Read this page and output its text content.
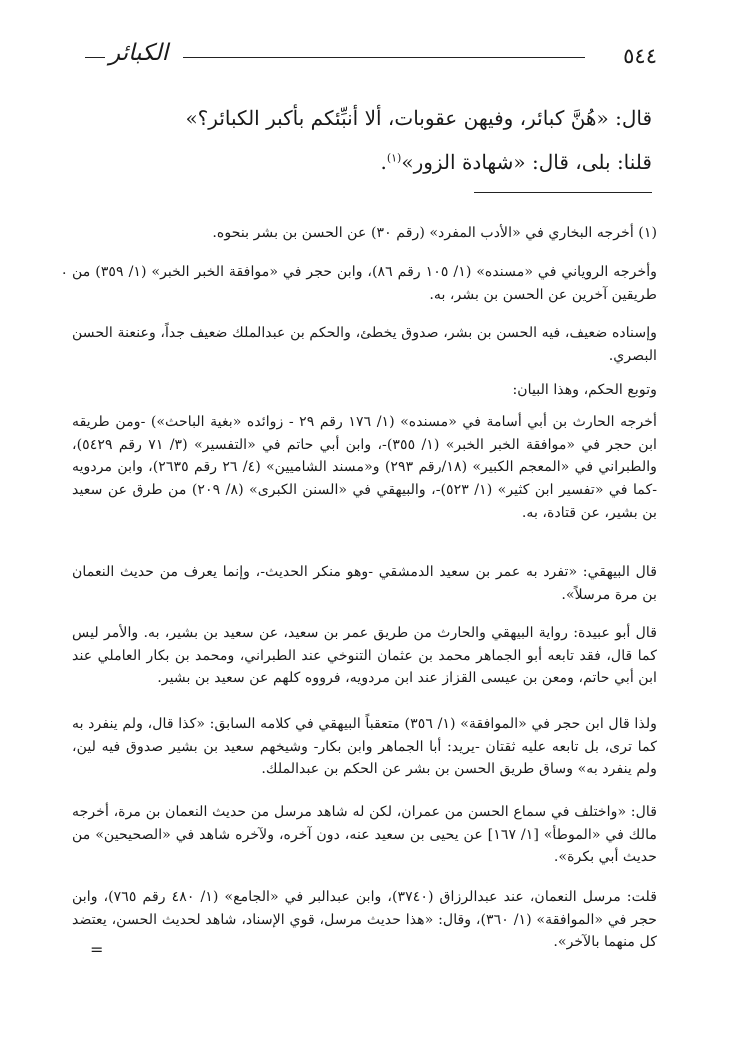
٥٤٤
الكبائر
قال: «هُنَّ كبائر، وفيهن عقوبات، ألا أنبِّئكم بأكبر الكبائر؟»
قلنا: بلى، قال: «شهادة الزور»$^{(١)}$.
(١) أخرجه البخاري في «الأدب المفرد» (رقم ٣٠) عن الحسن بن بشر بنحوه.
وأخرجه الروياني في «مسنده» (١/ ١٠٥ رقم ٨٦)، وابن حجر في «موافقة الخبر الخبر» (١/ ٣٥٩) من طريقين آخرين عن الحسن بن بشر، به.
وإسناده ضعيف، فيه الحسن بن بشر، صدوق يخطئ، والحكم بن عبدالملك ضعيف جداً، وعنعنة الحسن البصري.
وتوبع الحكم، وهذا البيان:
أخرجه الحارث بن أبي أسامة في «مسنده» (١/ ١٧٦ رقم ٢٩ - زوائده «بغية الباحث») -ومن طريقه ابن حجر في «موافقة الخبر الخبر» (١/ ٣٥٥)-، وابن أبي حاتم في «التفسير» (٣/ ٧١ رقم ٥٤٢٩)، والطبراني في «المعجم الكبير» (١٨/رقم ٢٩٣) و«مسند الشاميين» (٤/ ٢٦ رقم ٢٦٣٥)، وابن مردويه -كما في «تفسير ابن كثير» (١/ ٥٢٣)-، والبيهقي في «السنن الكبرى» (٨/ ٢٠٩) من طرق عن سعيد بن بشير، عن قتادة، به.
قال البيهقي: «تفرد به عمر بن سعيد الدمشقي -وهو منكر الحديث-، وإنما يعرف من حديث النعمان بن مرة مرسلاً».
قال أبو عبيدة: رواية البيهقي والحارث من طريق عمر بن سعيد، عن سعيد بن بشير، به. والأمر ليس كما قال، فقد تابعه أبو الجماهر محمد بن عثمان التنوخي عند الطبراني، ومحمد بن بكار العاملي عند ابن أبي حاتم، ومعن بن عيسى القزاز عند ابن مردويه، فرووه كلهم عن سعيد بن بشير.
ولذا قال ابن حجر في «الموافقة» (١/ ٣٥٦) متعقباً البيهقي في كلامه السابق: «كذا قال، ولم ينفرد به كما ترى، بل تابعه عليه ثقتان -يريد: أبا الجماهر وابن بكار- وشيخهم سعيد بن بشير صدوق فيه لين، ولم ينفرد به» وساق طريق الحسن بن بشر عن الحكم بن عبدالملك.
قال: «واختلف في سماع الحسن من عمران، لكن له شاهد مرسل من حديث النعمان بن مرة، أخرجه مالك في «الموطأ» [١/ ١٦٧] عن يحيى بن سعيد عنه، دون آخره، ولآخره شاهد في «الصحيحين» من حديث أبي بكرة».
قلت: مرسل النعمان، عند عبدالرزاق (٣٧٤٠)، وابن عبدالبر في «الجامع» (١/ ٤٨٠ رقم ٧٦٥)، وابن حجر في «الموافقة» (١/ ٣٦٠)، وقال: «هذا حديث مرسل، قوي الإسناد، شاهد لحديث الحسن، يعتضد كل منهما بالآخر».
.
=
